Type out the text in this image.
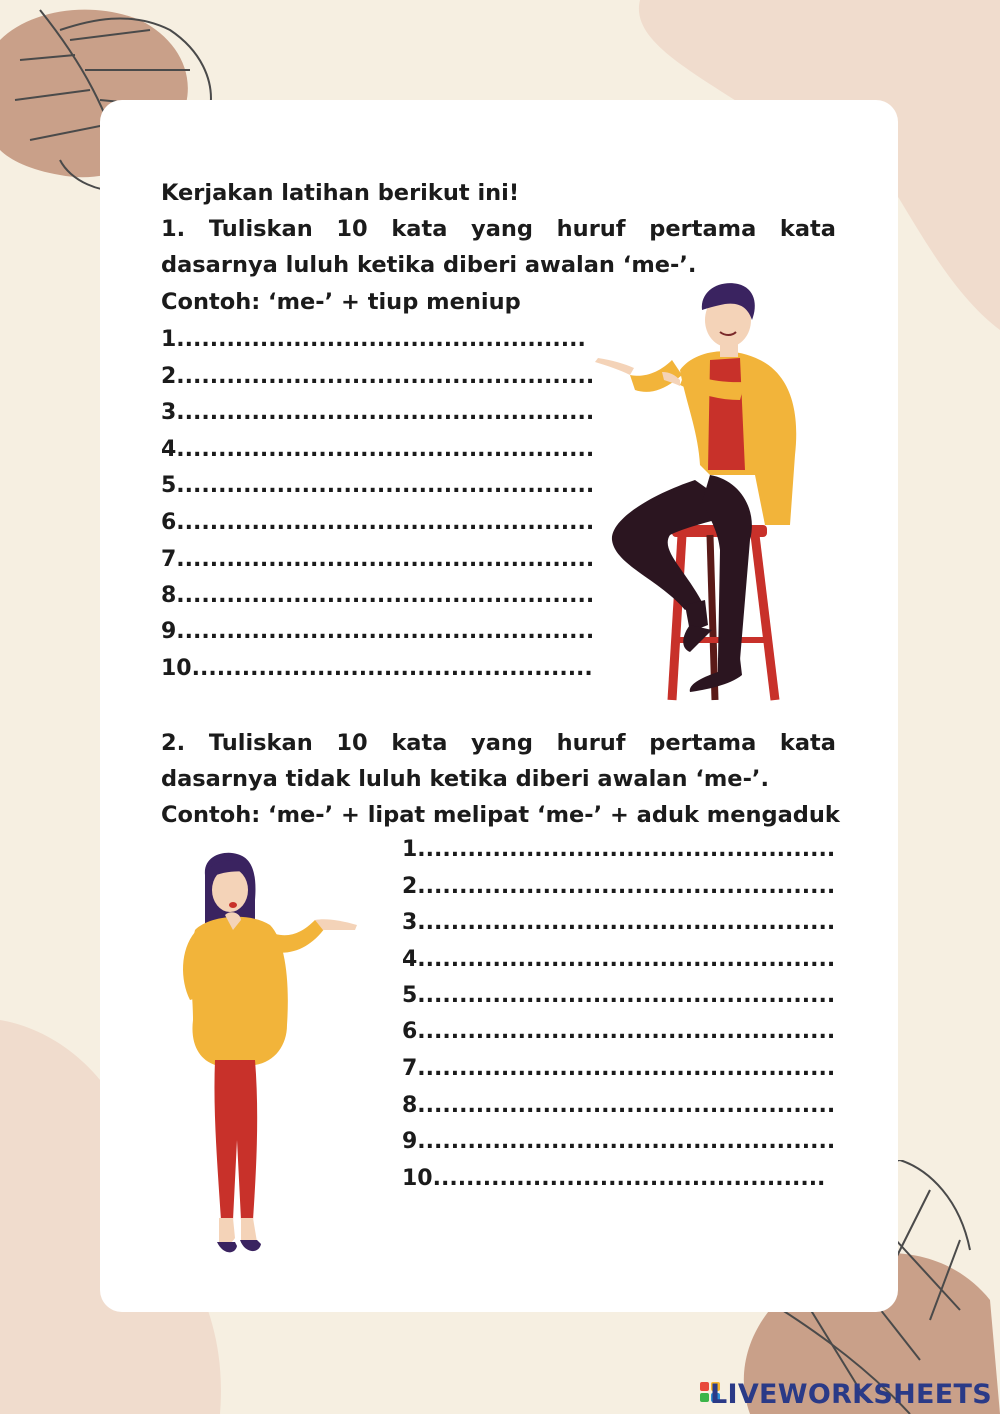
Kerjakan latihan berikut ini!
1. Tuliskan 10 kata yang huruf pertama kata
dasarnya luluh ketika diberi awalan ‘me-’.
Contoh: ‘me-’ + tiup meniup
1.................................................
2..................................................
3..................................................
4..................................................
5..................................................
6..................................................
7..................................................
8..................................................
9..................................................
10................................................
2. Tuliskan 10 kata yang huruf pertama kata
dasarnya tidak luluh ketika diberi awalan ‘me-’.
Contoh: ‘me-’ + lipat melipat ‘me-’ + aduk mengaduk
1..................................................
2..................................................
3..................................................
4..................................................
5..................................................
6..................................................
7..................................................
8..................................................
9..................................................
10...............................................
LIVEWORKSHEETS
